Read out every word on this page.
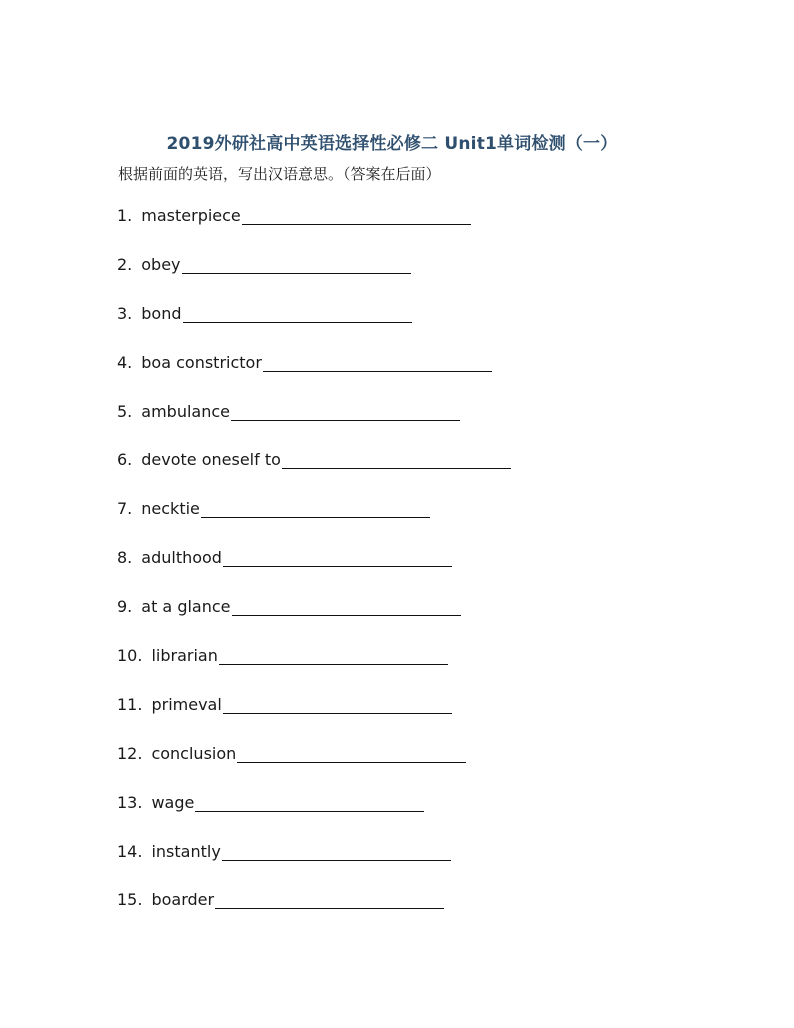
2019外研社高中英语选择性必修二 Unit1单词检测（一）
根据前面的英语，写出汉语意思。（答案在后面）
1. masterpiece
2. obey
3. bond
4. boa constrictor
5. ambulance
6. devote oneself to
7. necktie
8. adulthood
9. at a glance
10. librarian
11. primeval
12. conclusion
13. wage
14. instantly
15. boarder
